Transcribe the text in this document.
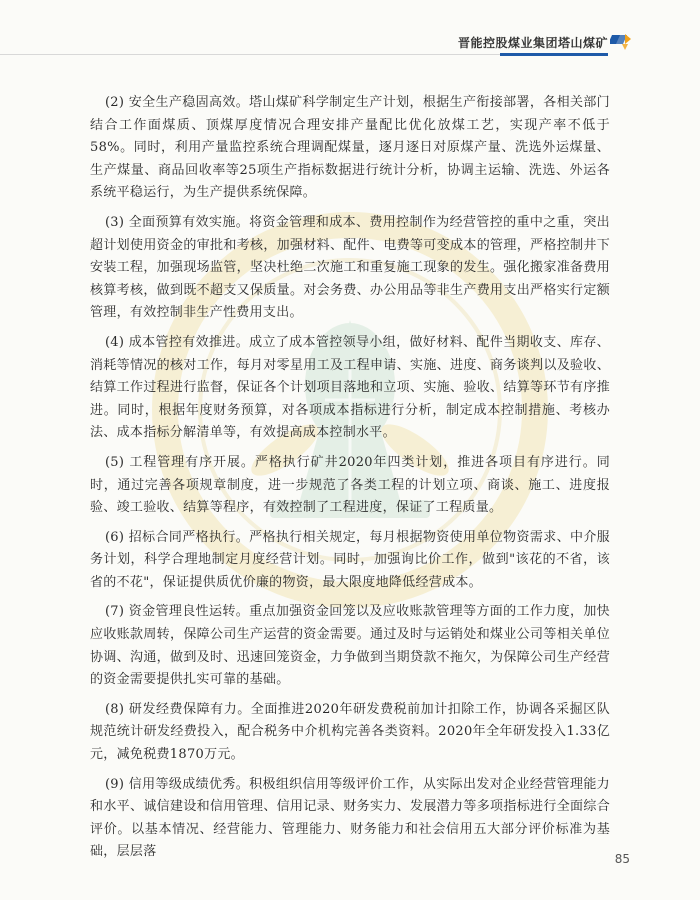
晋能控股煤业集团塔山煤矿

(2) 安全生产稳固高效。塔山煤矿科学制定生产计划，根据生产衔接部署，各相关部门结合工作面煤质、顶煤厚度情况合理安排产量配比优化放煤工艺，实现产率不低于58%。同时，利用产量监控系统合理调配煤量，逐月逐日对原煤产量、洗选外运煤量、生产煤量、商品回收率等25项生产指标数据进行统计分析，协调主运输、洗选、外运各系统平稳运行，为生产提供系统保障。

(3) 全面预算有效实施。将资金管理和成本、费用控制作为经营管控的重中之重，突出超计划使用资金的审批和考核，加强材料、配件、电费等可变成本的管理，严格控制井下安装工程，加强现场监管，坚决杜绝二次施工和重复施工现象的发生。强化搬家准备费用核算考核，做到既不超支又保质量。对会务费、办公用品等非生产费用支出严格实行定额管理，有效控制非生产性费用支出。

(4) 成本管控有效推进。成立了成本管控领导小组，做好材料、配件当期收支、库存、消耗等情况的核对工作，每月对零星用工及工程申请、实施、进度、商务谈判以及验收、结算工作过程进行监督，保证各个计划项目落地和立项、实施、验收、结算等环节有序推进。同时，根据年度财务预算，对各项成本指标进行分析，制定成本控制措施、考核办法、成本指标分解清单等，有效提高成本控制水平。

(5) 工程管理有序开展。严格执行矿井2020年四类计划，推进各项目有序进行。同时，通过完善各项规章制度，进一步规范了各类工程的计划立项、商谈、施工、进度报验、竣工验收、结算等程序，有效控制了工程进度，保证了工程质量。

(6) 招标合同严格执行。严格执行相关规定，每月根据物资使用单位物资需求、中介服务计划，科学合理地制定月度经营计划。同时，加强询比价工作，做到"该花的不省，该省的不花"，保证提供质优价廉的物资，最大限度地降低经营成本。

(7) 资金管理良性运转。重点加强资金回笼以及应收账款管理等方面的工作力度，加快应收账款周转，保障公司生产运营的资金需要。通过及时与运销处和煤业公司等相关单位协调、沟通，做到及时、迅速回笼资金，力争做到当期贷款不拖欠，为保障公司生产经营的资金需要提供扎实可靠的基础。

(8) 研发经费保障有力。全面推进2020年研发费税前加计扣除工作，协调各采掘区队规范统计研发经费投入，配合税务中介机构完善各类资料。2020年全年研发投入1.33亿元，减免税费1870万元。

(9) 信用等级成绩优秀。积极组织信用等级评价工作，从实际出发对企业经营管理能力和水平、诚信建设和信用管理、信用记录、财务实力、发展潜力等多项指标进行全面综合评价。以基本情况、经营能力、管理能力、财务能力和社会信用五大部分评价标准为基础，层层落	85
